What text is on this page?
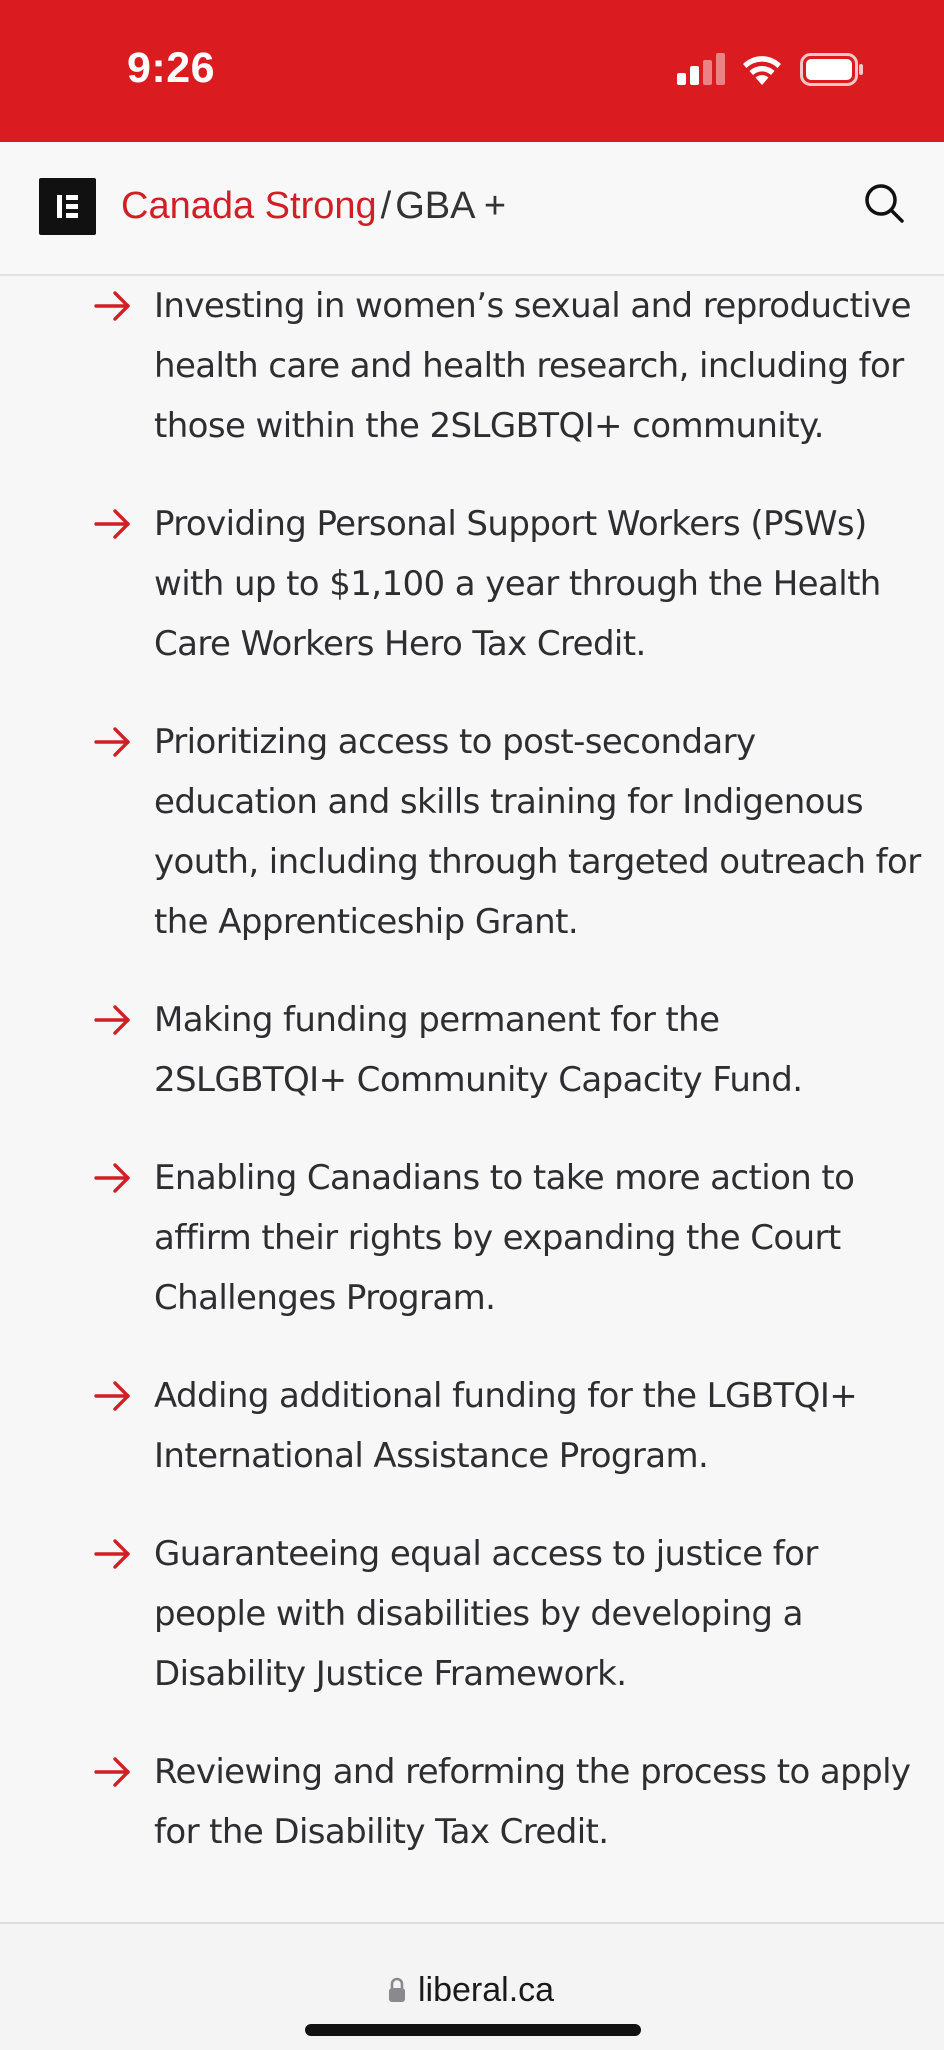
9:26
Canada Strong / GBA +
Investing in women’s sexual and reproductive
health care and health research, including for
those within the 2SLGBTQI+ community.
Providing Personal Support Workers (PSWs)
with up to $1,100 a year through the Health
Care Workers Hero Tax Credit.
Prioritizing access to post-secondary
education and skills training for Indigenous
youth, including through targeted outreach for
the Apprenticeship Grant.
Making funding permanent for the
2SLGBTQI+ Community Capacity Fund.
Enabling Canadians to take more action to
affirm their rights by expanding the Court
Challenges Program.
Adding additional funding for the LGBTQI+
International Assistance Program.
Guaranteeing equal access to justice for
people with disabilities by developing a
Disability Justice Framework.
Reviewing and reforming the process to apply
for the Disability Tax Credit.
liberal.ca
